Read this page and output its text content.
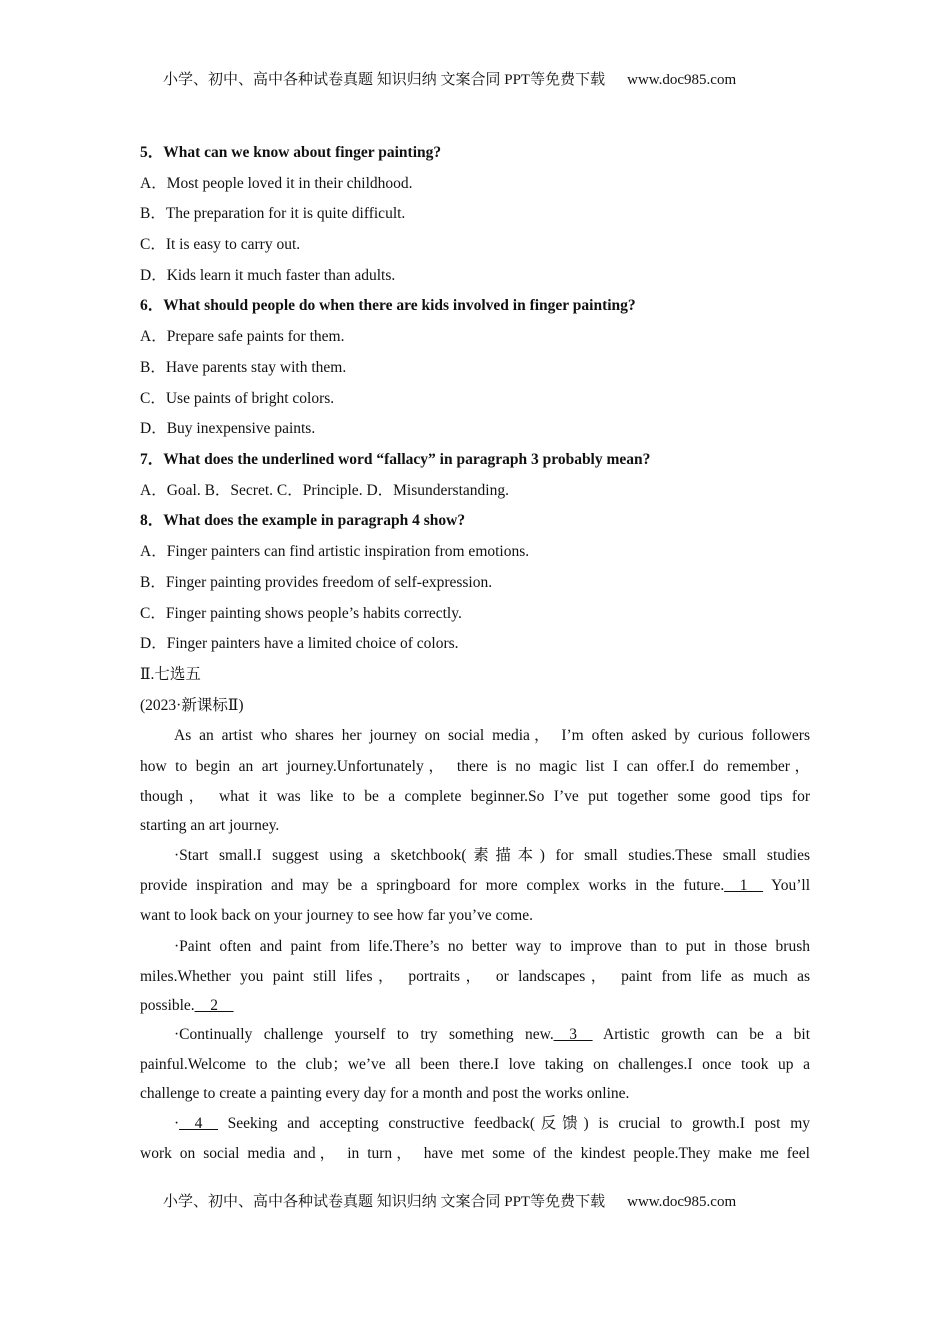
小学、初中、高中各种试卷真题 知识归纳 文案合同 PPT等免费下载 www.doc985.com
5．What can we know about finger painting?
A．Most people loved it in their childhood.
B．The preparation for it is quite difficult.
C．It is easy to carry out.
D．Kids learn it much faster than adults.
6．What should people do when there are kids involved in finger painting?
A．Prepare safe paints for them.
B．Have parents stay with them.
C．Use paints of bright colors.
D．Buy inexpensive paints.
7．What does the underlined word “fallacy” in paragraph 3 probably mean?
A．Goal. B．Secret. C．Principle. D．Misunderstanding.
8．What does the example in paragraph 4 show?
A．Finger painters can find artistic inspiration from emotions.
B．Finger painting provides freedom of self-expression.
C．Finger painting shows people’s habits correctly.
D．Finger painters have a limited choice of colors.
Ⅱ.七选五
(2023·新课标Ⅱ)
As an artist who shares her journey on social media， I’m often asked by curious followers
how to begin an art journey.Unfortunately， there is no magic list I can offer.I do remember，
though， what it was like to be a complete beginner.So I’ve put together some good tips for
starting an art journey.
·Start small.I suggest using a sketchbook(素描本) for small studies.These small studies
provide inspiration and may be a springboard for more complex works in the future.__1__ You’ll
want to look back on your journey to see how far you’ve come.
·Paint often and paint from life.There’s no better way to improve than to put in those brush
miles.Whether you paint still lifes， portraits， or landscapes， paint from life as much as
possible.__2__
·Continually challenge yourself to try something new.__3__ Artistic growth can be a bit
painful.Welcome to the club；we’ve all been there.I love taking on challenges.I once took up a
challenge to create a painting every day for a month and post the works online.
·__4__ Seeking and accepting constructive feedback(反馈) is crucial to growth.I post my
work on social media and， in turn， have met some of the kindest people.They make me feel
小学、初中、高中各种试卷真题 知识归纳 文案合同 PPT等免费下载 www.doc985.com
